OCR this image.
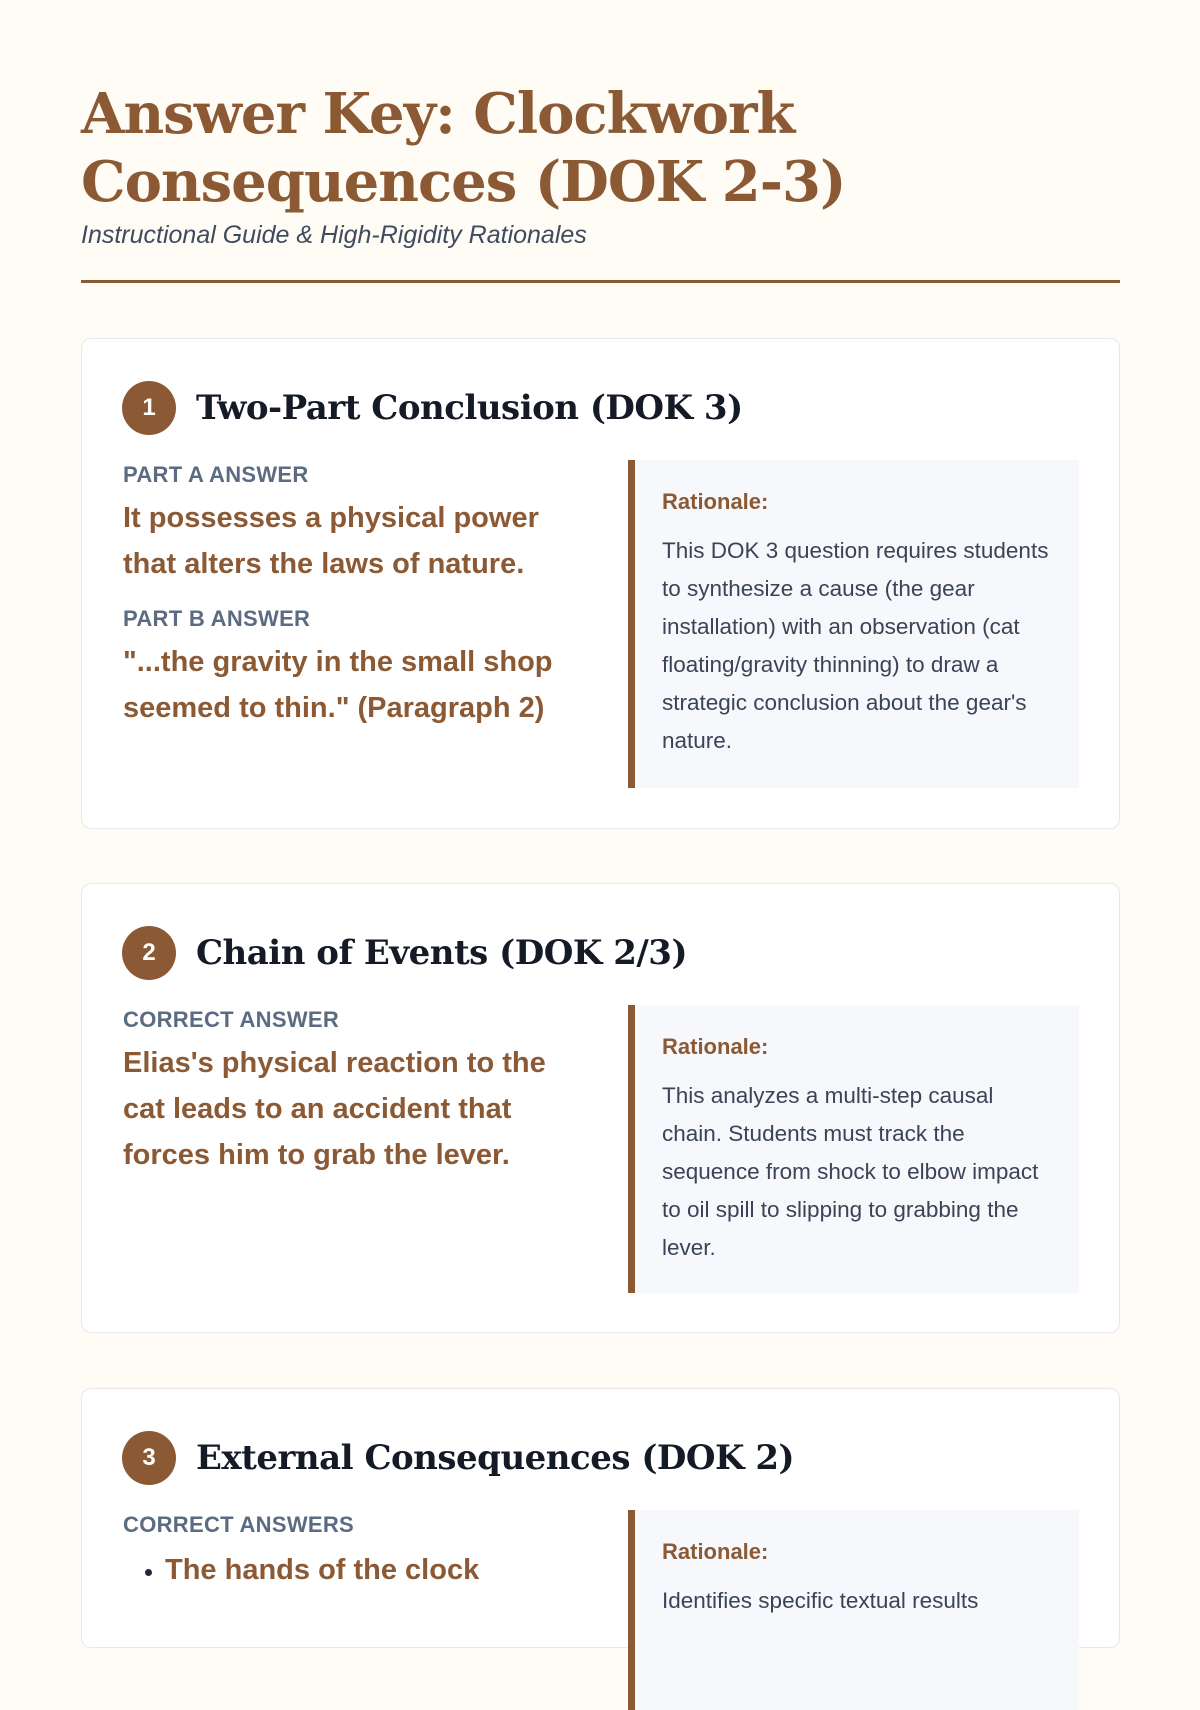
Answer Key: Clockwork Consequences (DOK 2-3)
Instructional Guide & High-Rigidity Rationales
1	Two-Part Conclusion (DOK 3)
PART A ANSWER
It possesses a physical power that alters the laws of nature.
PART B ANSWER
"...the gravity in the small shop seemed to thin." (Paragraph 2)
Rationale:
This DOK 3 question requires students to synthesize a cause (the gear installation) with an observation (cat floating/gravity thinning) to draw a strategic conclusion about the gear's nature.
2	Chain of Events (DOK 2/3)
CORRECT ANSWER
Elias's physical reaction to the cat leads to an accident that forces him to grab the lever.
Rationale:
This analyzes a multi-step causal chain. Students must track the sequence from shock to elbow impact to oil spill to slipping to grabbing the lever.
3	External Consequences (DOK 2)
CORRECT ANSWERS
• The hands of the clock
Rationale:
Identifies specific textual results
